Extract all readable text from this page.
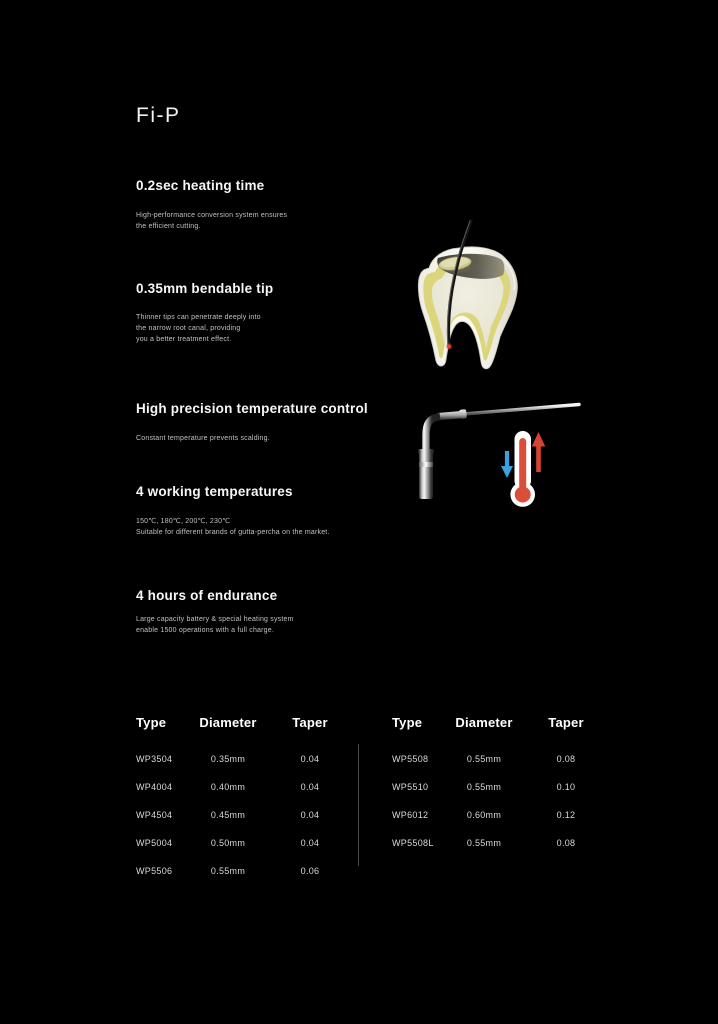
Fi-P
0.2sec heating time
High-performance conversion system ensures
the efficient cutting.
0.35mm bendable tip
Thinner tips can penetrate deeply into
the narrow root canal, providing
you a better treatment effect.
High precision temperature control
Constant temperature prevents scalding.
4 working temperatures
150℃, 180℃, 200℃, 230℃
Suitable for different brands of gutta-percha on the market.
4 hours of endurance
Large capacity battery & special heating system
enable 1500 operations with a full charge.
Type	Diameter	Taper
WP3504	0.35mm	0.04
WP4004	0.40mm	0.04
WP4504	0.45mm	0.04
WP5004	0.50mm	0.04
WP5506	0.55mm	0.06
Type	Diameter	Taper
WP5508	0.55mm	0.08
WP5510	0.55mm	0.10
WP6012	0.60mm	0.12
WP5508L	0.55mm	0.08
